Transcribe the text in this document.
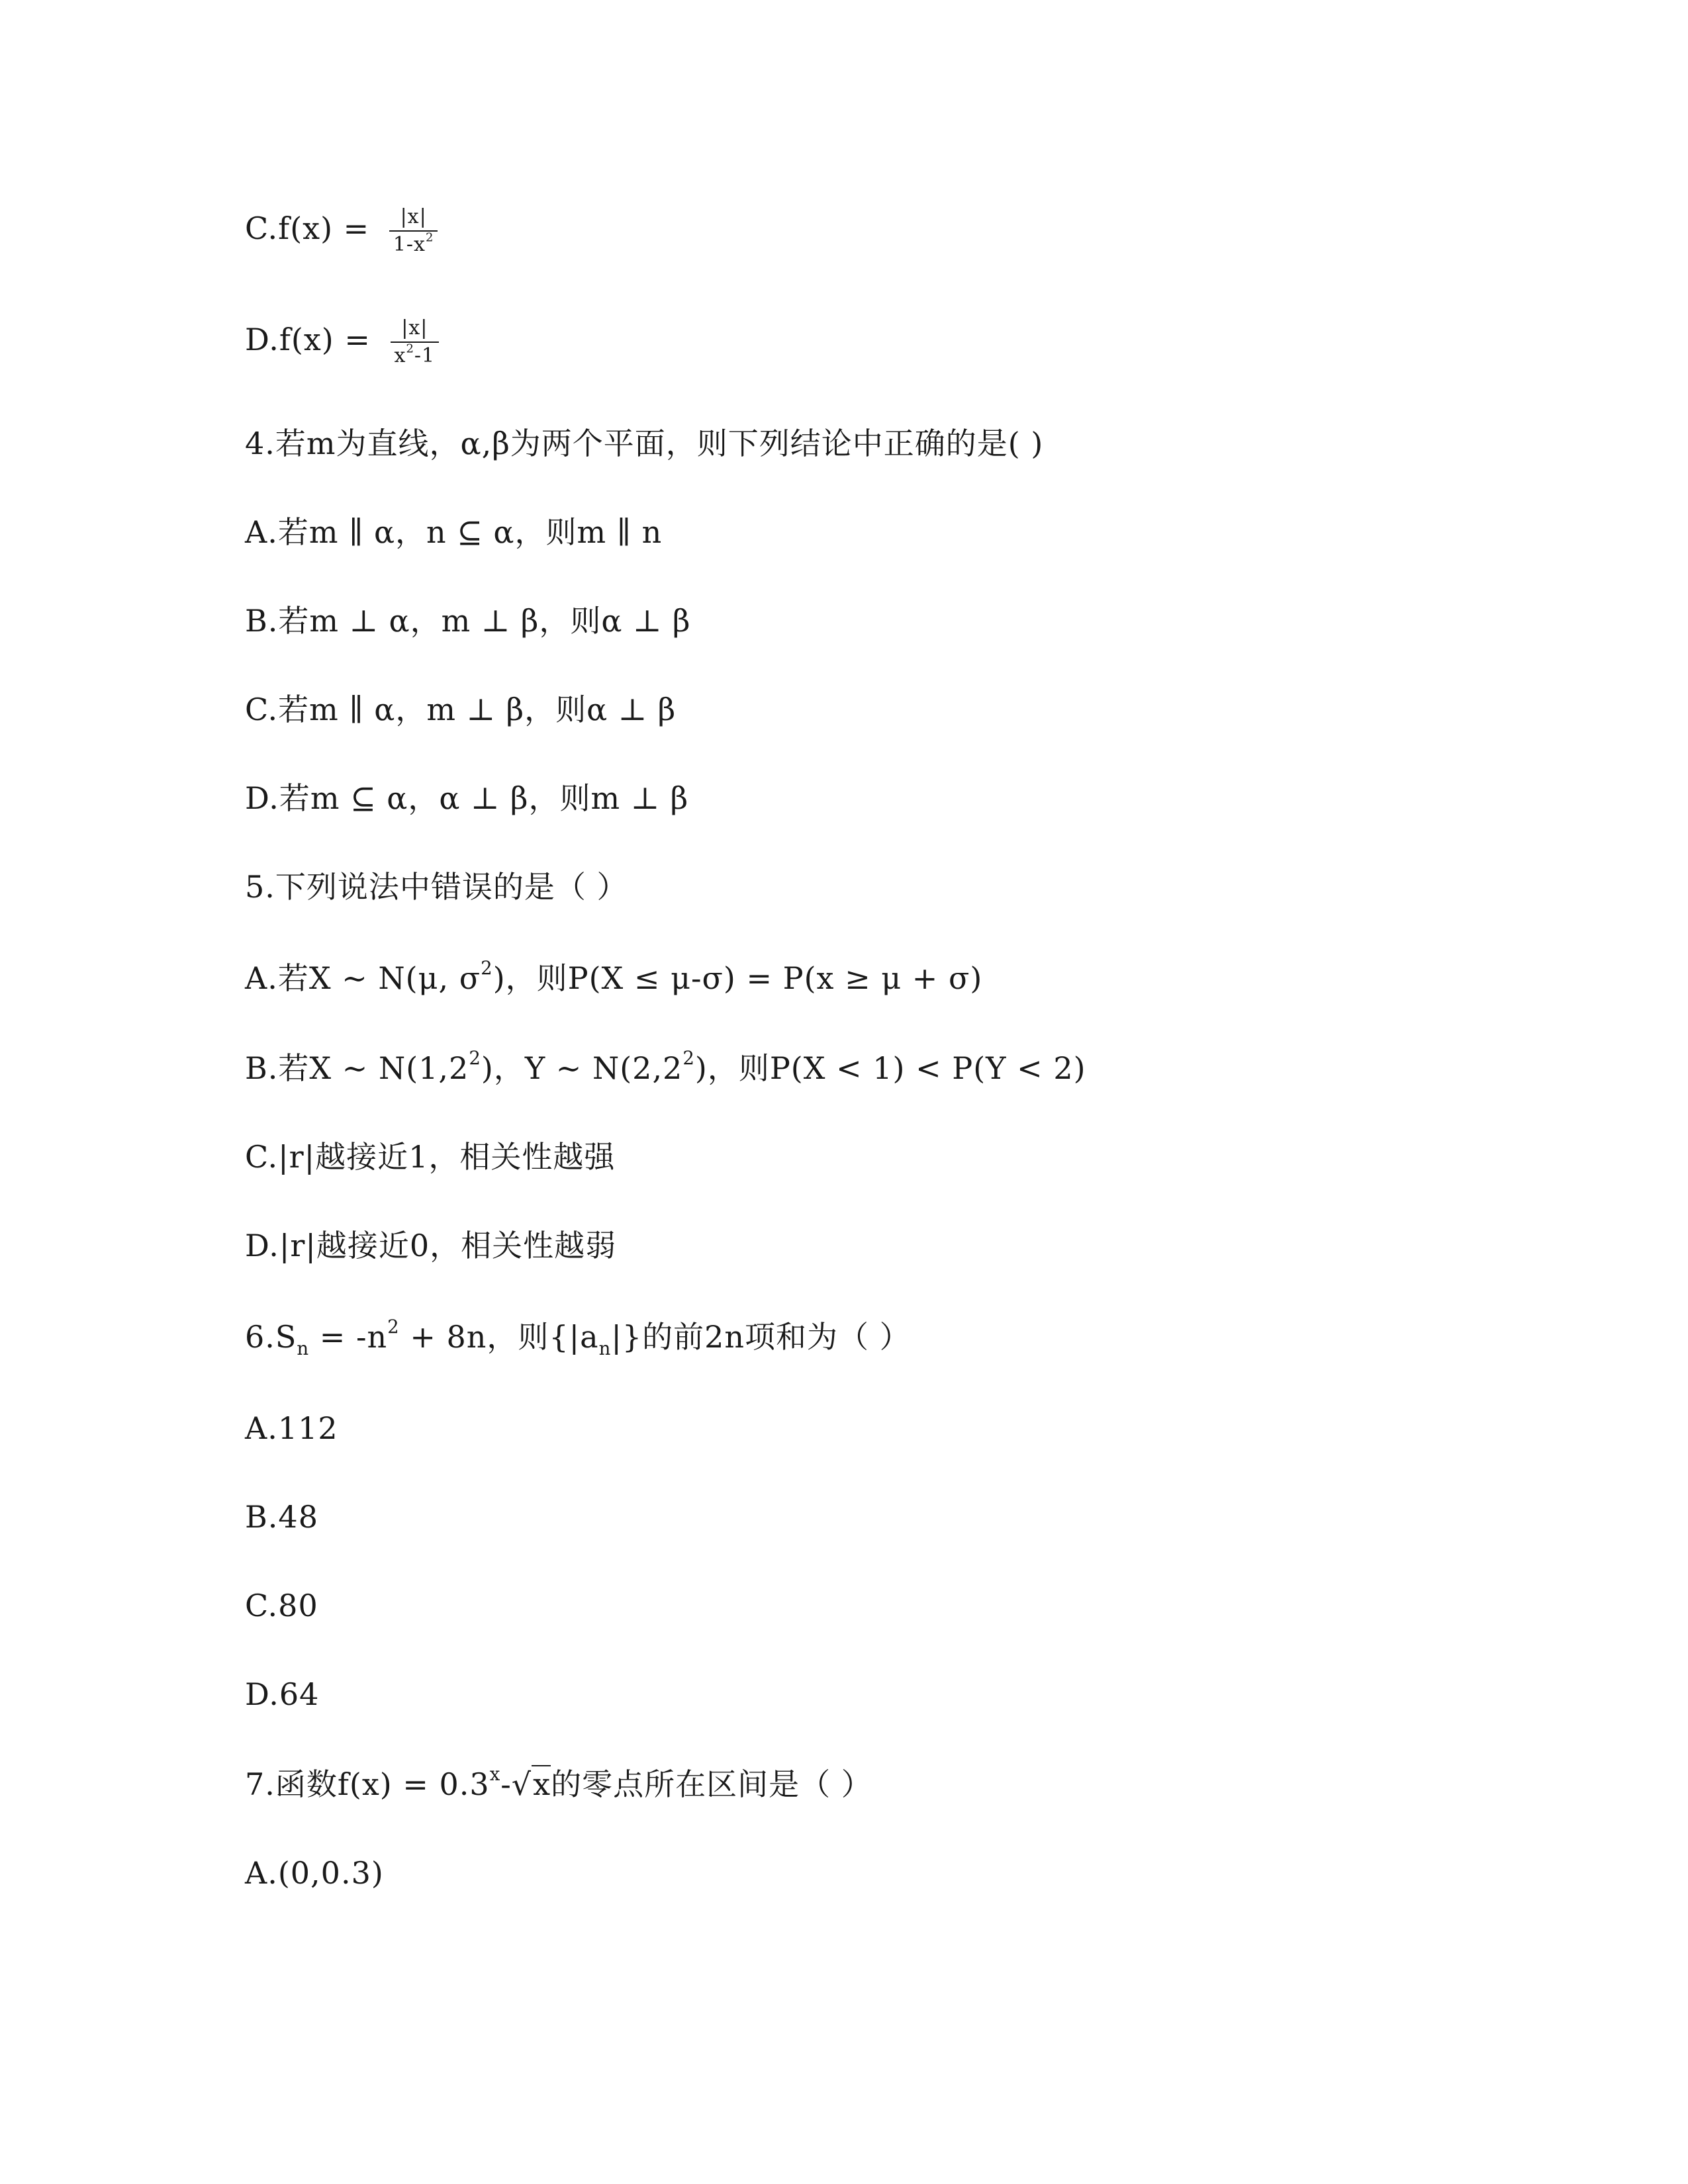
$C.f(x) = \frac{|x|}{1-x^2}$
$D.f(x) = \frac{|x|}{x^2-1}$
4.若m为直线，α,β为两个平面，则下列结论中正确的是( )
A.若m ∥ α，n ⊆ α，则m ∥ n
B.若m ⊥ α，m ⊥ β，则α ⊥ β
C.若m ∥ α，m ⊥ β，则α ⊥ β
D.若m ⊆ α，α ⊥ β，则m ⊥ β
5.下列说法中错误的是（ ）
A.若X ~ N(μ, $\sigma^2$)，则P(X ≤ μ-σ) = P(x ≥ μ + σ)
B.若X ~ $N(1,2^2)$，Y ~ $N(2,2^2)$，则P(X < 1) < P(Y < 2)
C.|r|越接近1，相关性越强
D.|r|越接近0，相关性越弱
$6.S_n = -n^2 + 8n$，则$\{|a_n|\}$的前2n项和为（ ）
A.112
B.48
C.80
D.64
7.函数$f(x) = 0.3^x-√x$的零点所在区间是（ ）
A.(0,0.3)
